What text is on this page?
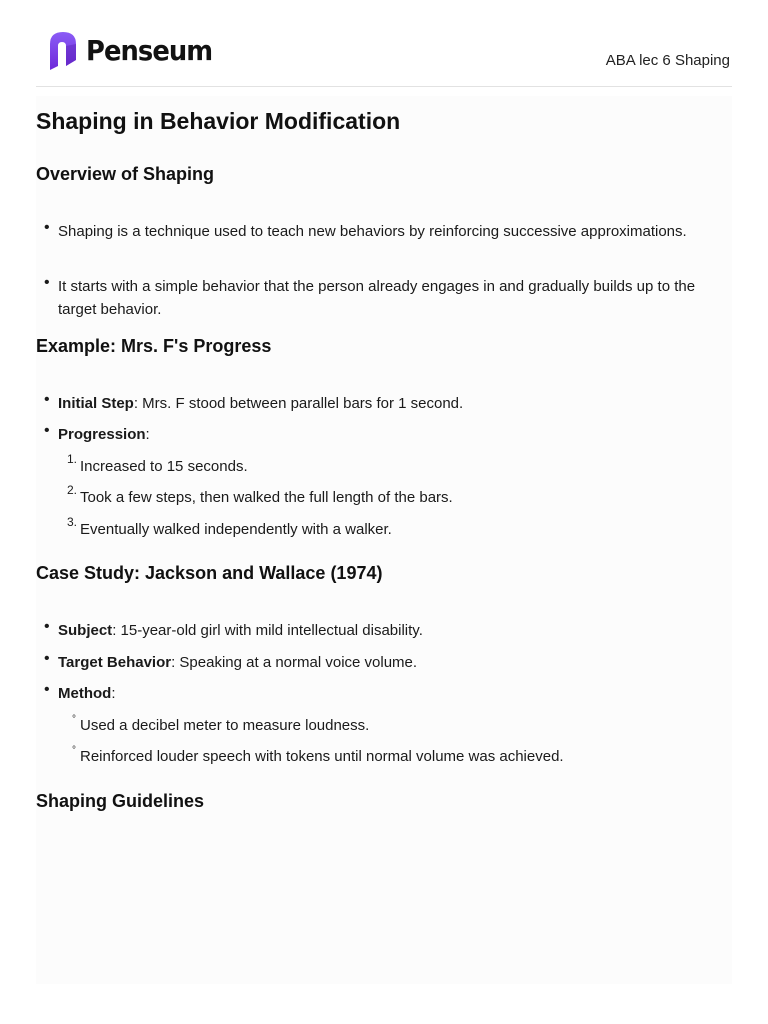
Penseum	ABA lec 6 Shaping
Shaping in Behavior Modification
Overview of Shaping
• Shaping is a technique used to teach new behaviors by reinforcing successive approximations.
• It starts with a simple behavior that the person already engages in and gradually builds up to the target behavior.
Example: Mrs. F's Progress
• Initial Step: Mrs. F stood between parallel bars for 1 second.
• Progression:
1. Increased to 15 seconds.
2. Took a few steps, then walked the full length of the bars.
3. Eventually walked independently with a walker.
Case Study: Jackson and Wallace (1974)
• Subject: 15-year-old girl with mild intellectual disability.
• Target Behavior: Speaking at a normal voice volume.
• Method:
° Used a decibel meter to measure loudness.
° Reinforced louder speech with tokens until normal volume was achieved.
Shaping Guidelines
